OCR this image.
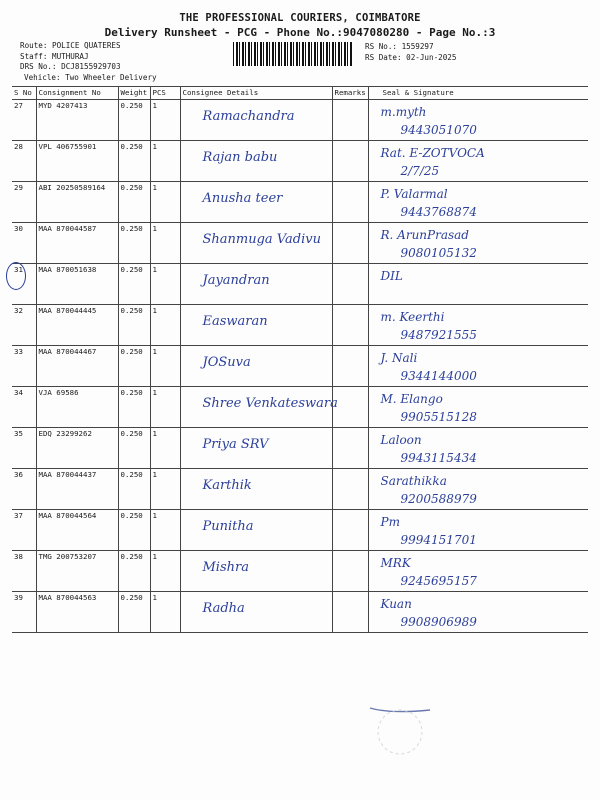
THE PROFESSIONAL COURIERS, COIMBATORE
Delivery Runsheet - PCG - Phone No.:9047080280 - Page No.:3
Route: POLICE QUATERES
Staff: MUTHURAJ
DRS No.: DCJ8155929703
Vehicle: Two Wheeler Delivery
RS No.: 1559297
RS Date: 02-Jun-2025
S No	Consignment No	Weight	PCS	Consignee Details	Remarks	Seal & Signature
27	MYD 4207413	0.250	1	Ramachandra		m.myth
9443051070

28	VPL 406755901	0.250	1	Rajan babu		Rat. E-ZOTVOCA
2/7/25

29	ABI 20250589164	0.250	1	Anusha teer		P. Valarmal
9443768874

30	MAA 870044587	0.250	1	Shanmuga Vadivu		R. ArunPrasad
9080105132

31	MAA 870051638	0.250	1	Jayandran		DIL

32	MAA 870044445	0.250	1	Easwaran		m. Keerthi
9487921555

33	MAA 870044467	0.250	1	JOSuva		J. Nali
9344144000

34	VJA 69586	0.250	1	Shree Venkateswara		M. Elango
9905515128

35	EDQ 23299262	0.250	1	Priya SRV		Laloon
9943115434

36	MAA 870044437	0.250	1	Karthik		Sarathikka
9200588979

37	MAA 870044564	0.250	1	Punitha		Pm
9994151701

38	TMG 200753207	0.250	1	Mishra		MRK
9245695157

39	MAA 870044563	0.250	1	Radha		Kuan
9908906989
